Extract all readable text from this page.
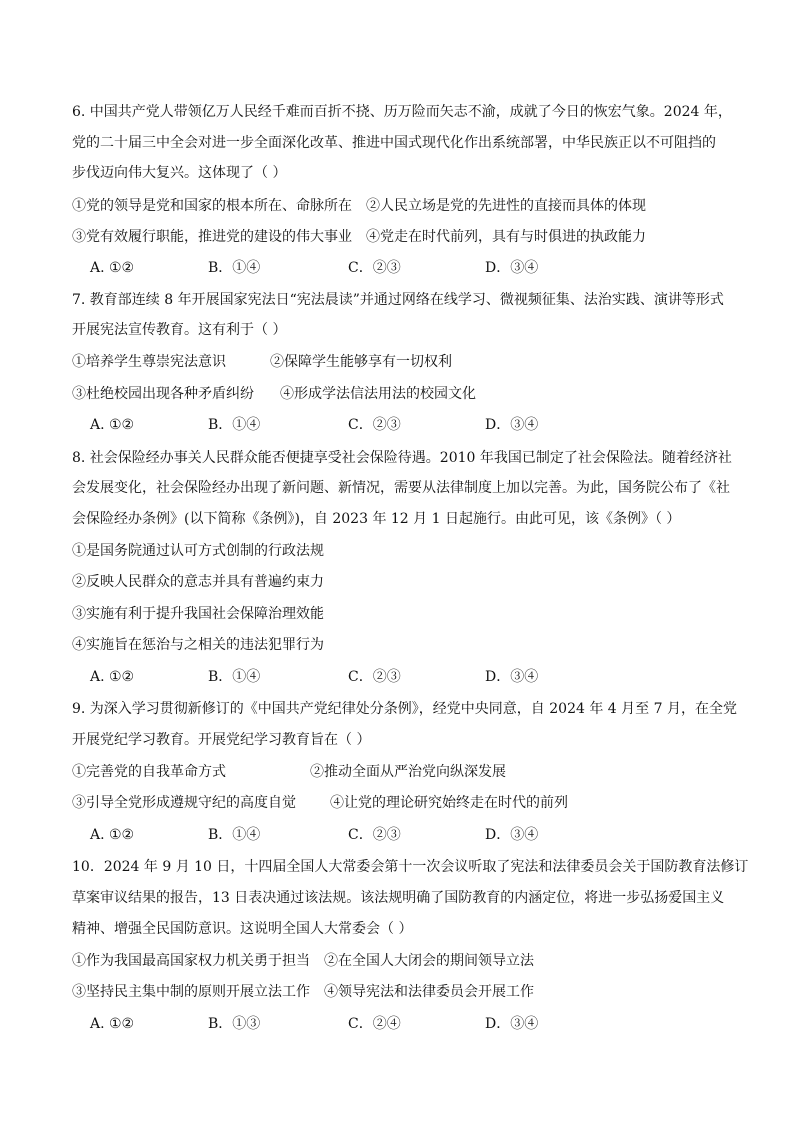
6. 中国共产党人带领亿万人民经千难而百折不挠、历万险而矢志不渝，成就了今日的恢宏气象。2024 年，
党的二十届三中全会对进一步全面深化改革、推进中国式现代化作出系统部署，中华民族正以不可阻挡的
步伐迈向伟大复兴。这体现了（ ）
①党的领导是党和国家的根本所在、命脉所在 ②人民立场是党的先进性的直接而具体的体现
③党有效履行职能，推进党的建设的伟大事业 ④党走在时代前列，具有与时俱进的执政能力
A. ①②	B．①④	C．②③	D．③④
7. 教育部连续 8 年开展国家宪法日“宪法晨读”并通过网络在线学习、微视频征集、法治实践、演讲等形式
开展宪法宣传教育。这有利于（ ）
①培养学生尊崇宪法意识	②保障学生能够享有一切权利
③杜绝校园出现各种矛盾纠纷 ④形成学法信法用法的校园文化
A. ①②	B．①④	C．②③	D．③④
8. 社会保险经办事关人民群众能否便捷享受社会保险待遇。2010 年我国已制定了社会保险法。随着经济社
会发展变化，社会保险经办出现了新问题、新情况，需要从法律制度上加以完善。为此，国务院公布了《社
会保险经办条例》(以下简称《条例》)，自 2023 年 12 月 1 日起施行。由此可见，该《条例》（ ）
①是国务院通过认可方式创制的行政法规
②反映人民群众的意志并具有普遍约束力
③实施有利于提升我国社会保障治理效能
④实施旨在惩治与之相关的违法犯罪行为
A. ①②	B．①④	C．②③	D．③④
9. 为深入学习贯彻新修订的《中国共产党纪律处分条例》，经党中央同意，自 2024 年 4 月至 7 月，在全党
开展党纪学习教育。开展党纪学习教育旨在（ ）
①完善党的自我革命方式	②推动全面从严治党向纵深发展
③引导全党形成遵规守纪的高度自觉 ④让党的理论研究始终走在时代的前列
A. ①②	B．①④	C．②③	D．③④
10．2024 年 9 月 10 日，十四届全国人大常委会第十一次会议听取了宪法和法律委员会关于国防教育法修订
草案审议结果的报告，13 日表决通过该法规。该法规明确了国防教育的内涵定位，将进一步弘扬爱国主义
精神、增强全民国防意识。这说明全国人大常委会（ ）
①作为我国最高国家权力机关勇于担当 ②在全国人大闭会的期间领导立法
③坚持民主集中制的原则开展立法工作 ④领导宪法和法律委员会开展工作
A. ①②	B．①③	C．②④	D．③④
